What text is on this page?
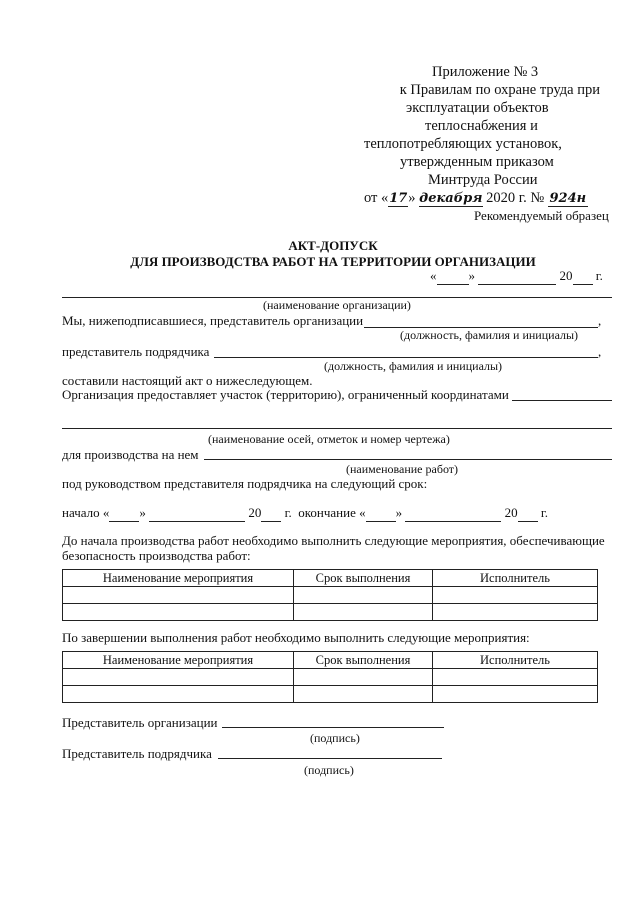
Приложение № 3
к Правилам по охране труда при
эксплуатации объектов
теплоснабжения и
теплопотребляющих установок,
утвержденным приказом
Минтруда России
от «17» декабря 2020 г. № 924н
Рекомендуемый образец
АКТ-ДОПУСК
ДЛЯ ПРОИЗВОДСТВА РАБОТ НА ТЕРРИТОРИИ ОРГАНИЗАЦИИ
« »	20 г.
(наименование организации)
Мы, нижеподписавшиеся, представитель организации	,
(должность, фамилия и инициалы)
представитель подрядчика	,
(должность, фамилия и инициалы)
составили настоящий акт о нижеследующем.
Организация предоставляет участок (территорию), ограниченный координатами
(наименование осей, отметок и номер чертежа)
для производства на нем
(наименование работ)
под руководством представителя подрядчика на следующий срок:
начало « »	20 г. окончание « »	20 г.
До начала производства работ необходимо выполнить следующие мероприятия, обеспечивающие безопасность производства работ:
Наименование мероприятия	Срок выполнения	Исполнитель

По завершении выполнения работ необходимо выполнить следующие мероприятия:
Наименование мероприятия	Срок выполнения	Исполнитель

Представитель организации
(подпись)
Представитель подрядчика
(подпись)
